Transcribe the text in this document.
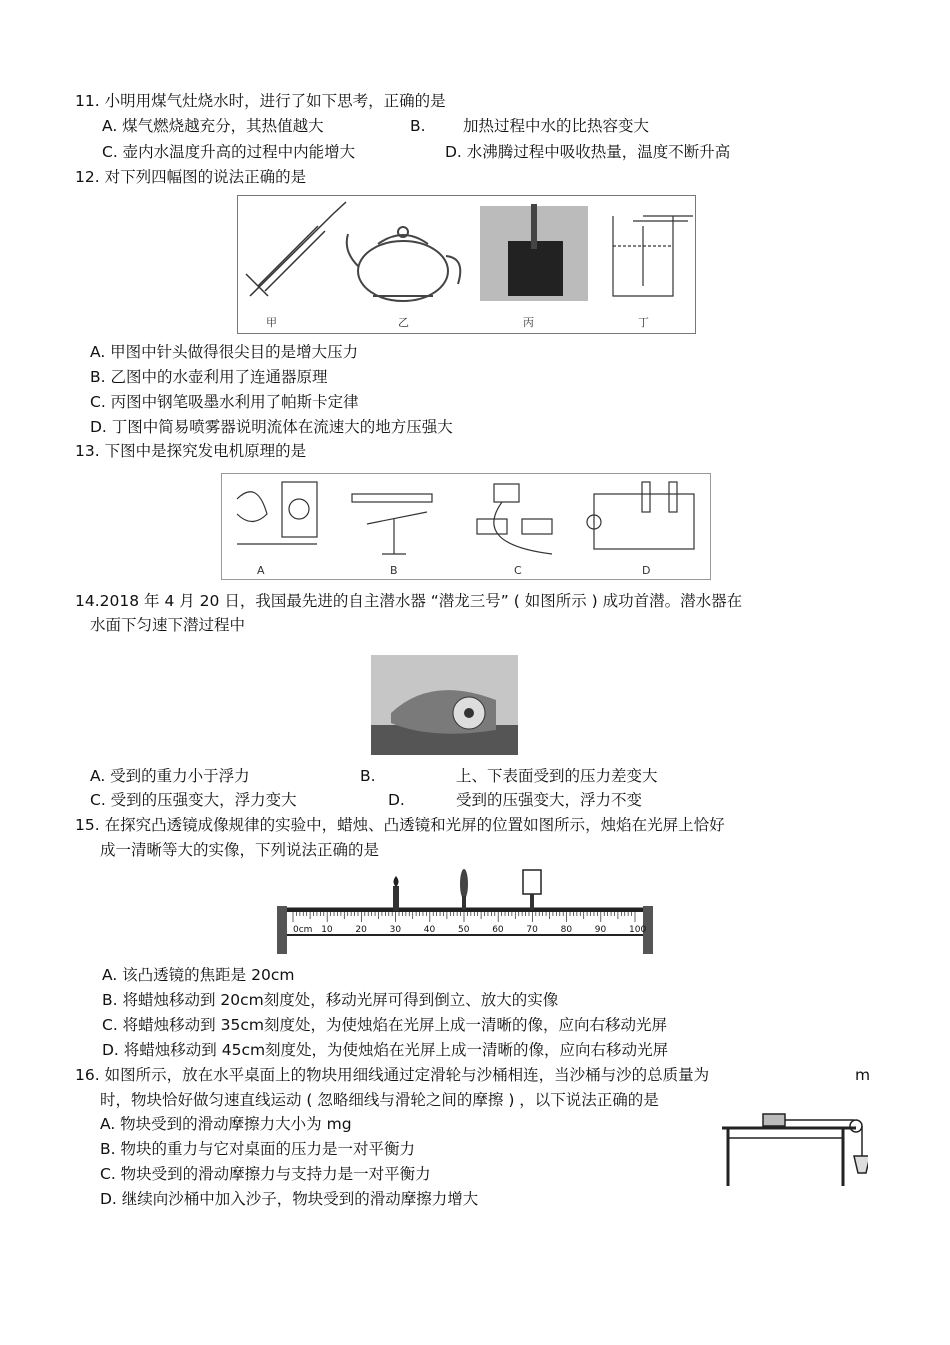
11. 小明用煤气灶烧水时，进行了如下思考，正确的是
A. 煤气燃烧越充分，其热值越大	B. 加热过程中水的比热容变大
C. 壶内水温度升高的过程中内能增大	D. 水沸腾过程中吸收热量，温度不断升高
12. 对下列四幅图的说法正确的是
甲	乙	丙	丁
A. 甲图中针头做得很尖目的是增大压力
B. 乙图中的水壶利用了连通器原理
C. 丙图中钢笔吸墨水利用了帕斯卡定律
D. 丁图中简易喷雾器说明流体在流速大的地方压强大
13. 下图中是探究发电机原理的是
A	B	C	D
14.2018 年 4 月 20 日，我国最先进的自主潜水器 “潜龙三号” ( 如图所示 ) 成功首潜。潜水器在
水面下匀速下潜过程中
A. 受到的重力小于浮力	B.	上、下表面受到的压力差变大
C. 受到的压强变大，浮力变大	D.	受到的压强变大，浮力不变
15. 在探究凸透镜成像规律的实验中，蜡烛、凸透镜和光屏的位置如图所示，烛焰在光屏上恰好
成一清晰等大的实像，下列说法正确的是
0cm 10	20	30	40	50	60	70	80	90	100
A. 该凸透镜的焦距是 20cm
B. 将蜡烛移动到 20cm刻度处，移动光屏可得到倒立、放大的实像
C. 将蜡烛移动到 35cm刻度处，为使烛焰在光屏上成一清晰的像，应向右移动光屏
D. 将蜡烛移动到 45cm刻度处，为使烛焰在光屏上成一清晰的像，应向右移动光屏
16. 如图所示，放在水平桌面上的物块用细线通过定滑轮与沙桶相连，当沙桶与沙的总质量为	m
时，物块恰好做匀速直线运动 ( 忽略细线与滑轮之间的摩擦 ) ，以下说法正确的是
A. 物块受到的滑动摩擦力大小为 mg
B. 物块的重力与它对桌面的压力是一对平衡力
C. 物块受到的滑动摩擦力与支持力是一对平衡力
D. 继续向沙桶中加入沙子，物块受到的滑动摩擦力增大
